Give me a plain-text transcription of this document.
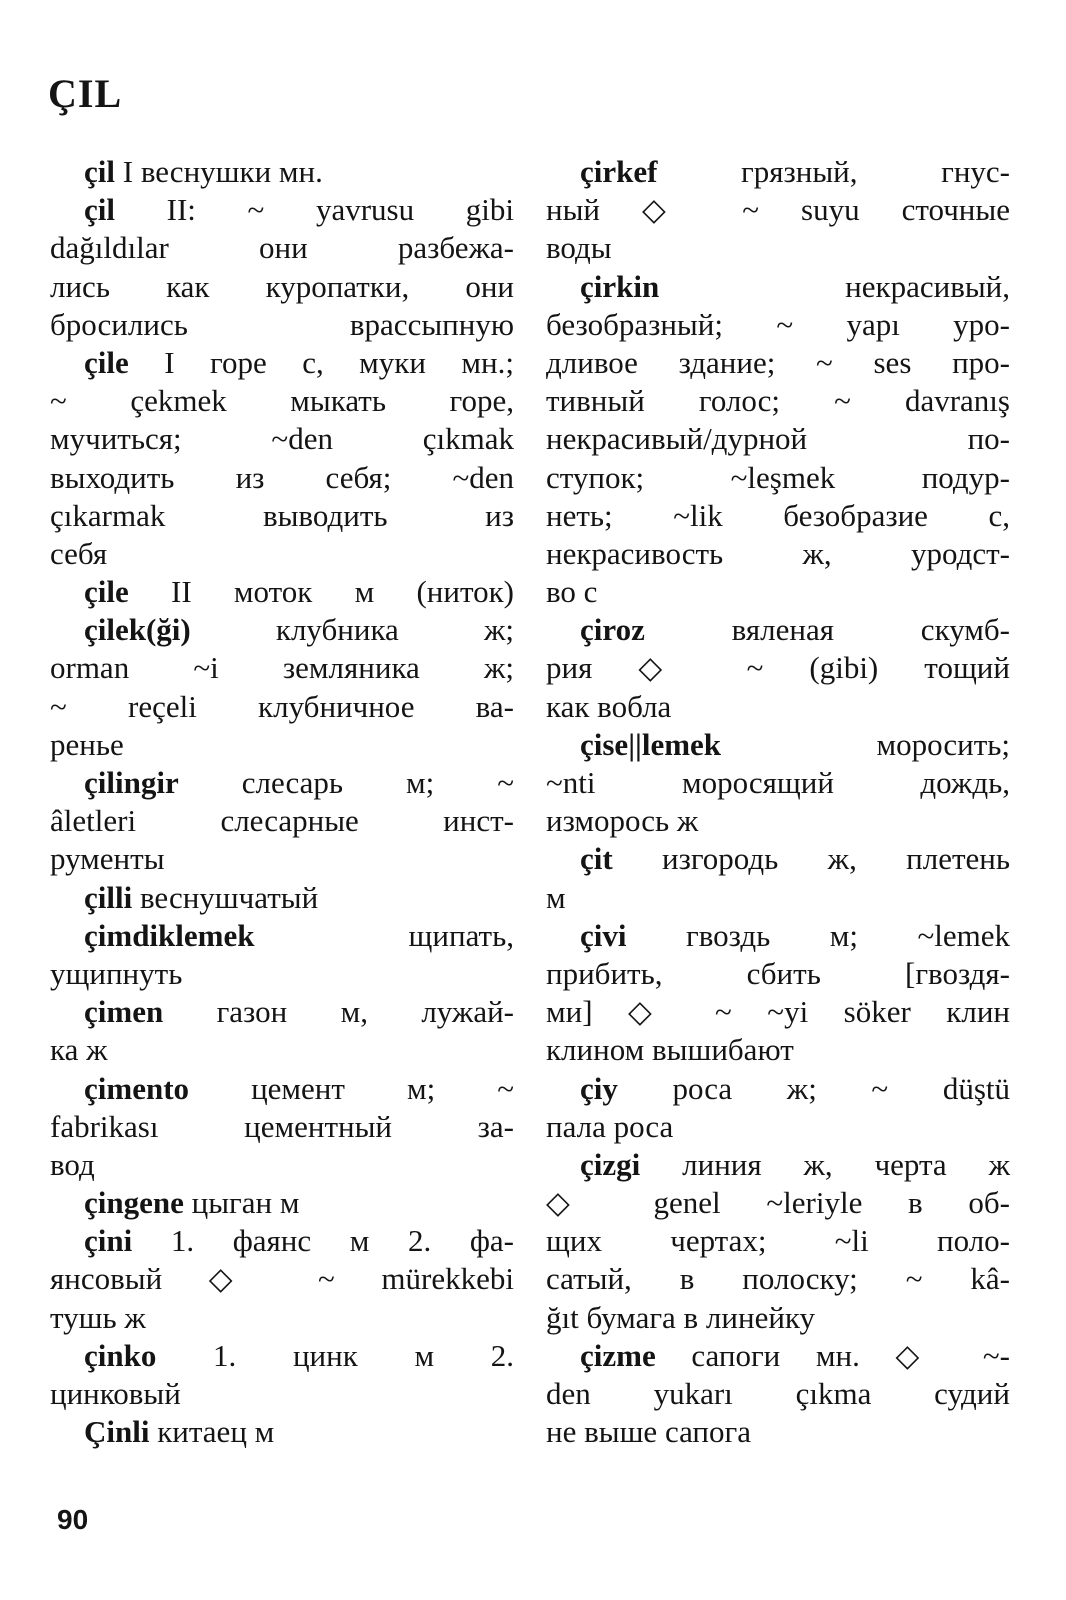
ÇIL
çil I веснушки мн.
çil II: ~ yavrusu gibi
dağıldılar они разбежа-
лись как куропатки, они
бросились врассыпную
çile I горе с, муки мн.;
~ çekmek мыкать горе,
мучиться; ~den çıkmak
выходить из себя; ~den
çıkarmak выводить из
себя
çile II моток м (ниток)
çilek(ği) клубника ж;
orman ~i земляника ж;
~ reçeli клубничное ва-
ренье
çilingir слесарь м; ~
âletleri слесарные инст-
рументы
çilli веснушчатый
çimdiklemek щипать,
ущипнуть
çimen газон м, лужай-
ка ж
çimento цемент м; ~
fabrikası цементный за-
вод
çingene цыган м
çini 1. фаянс м 2. фа-
янсовый ◇ ~ mürekkebi
тушь ж
çinko 1. цинк м 2.
цинковый
Çinli китаец м
çirkef грязный, гнус-
ный ◇ ~ suyu сточные
воды
çirkin некрасивый,
безобразный; ~ yapı уро-
дливое здание; ~ ses про-
тивный голос; ~ davranış
некрасивый/дурной по-
ступок; ~leşmek подур-
неть; ~lik безобразие с,
некрасивость ж, уродст-
во с
çiroz вяленая скумб-
рия ◇ ~ (gibi) тощий
как вобла
çise||lemek моросить;
~nti моросящий дождь,
изморось ж
çit изгородь ж, плетень
м
çivi гвоздь м; ~lemek
прибить, сбить [гвоздя-
ми] ◇ ~ ~yi söker клин
клином вышибают
çiy роса ж; ~ düştü
пала роса
çizgi линия ж, черта ж
◇ genel ~leriyle в об-
щих чертах; ~li поло-
сатый, в полоску; ~ kâ-
ğıt бумага в линейку
çizme сапоги мн. ◇ ~-
den yukarı çıkma судий
не выше сапога
90
